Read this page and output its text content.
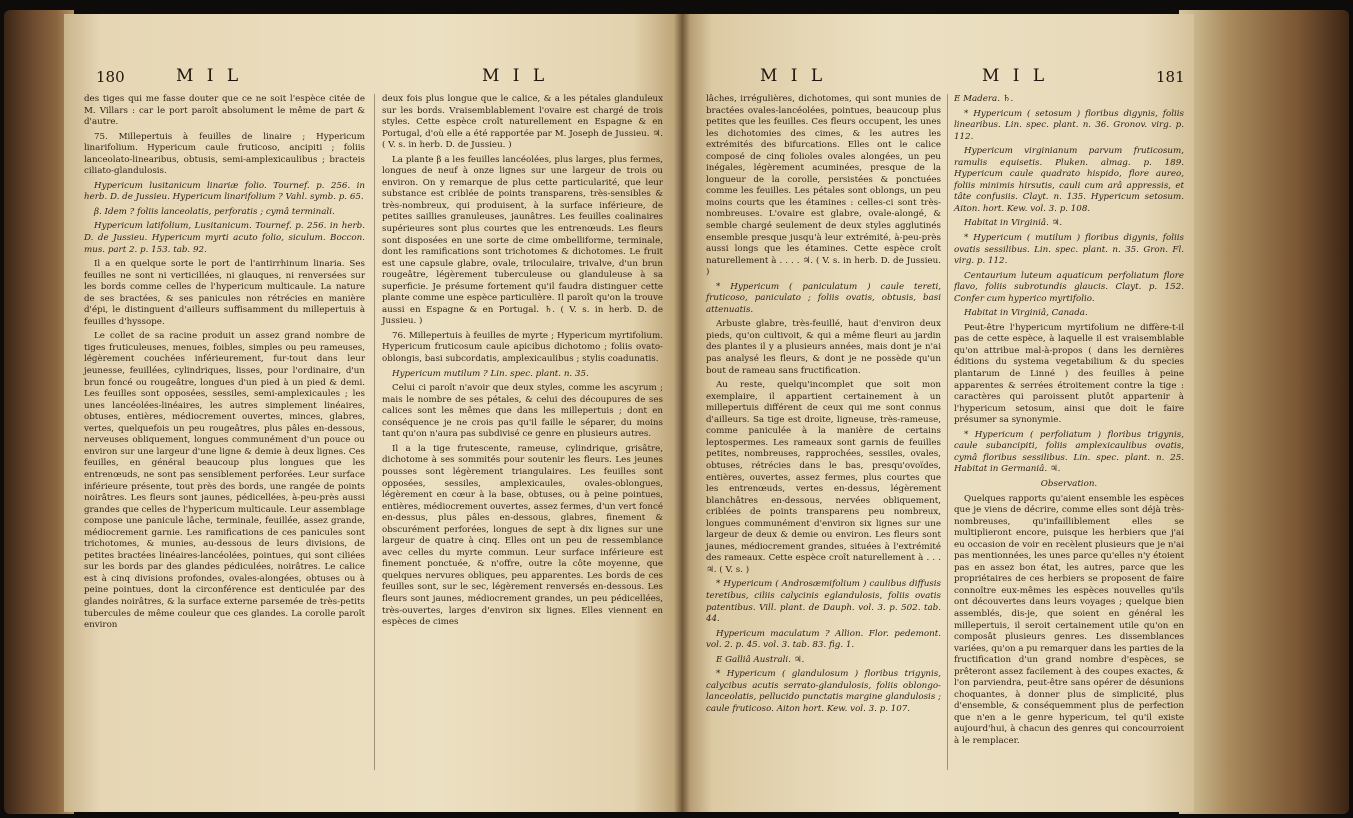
180	M I L	M I L

des tiges qui me fasse douter que ce ne soit l'espèce citée de M. Villars : car le port paroît absolument le même de part & d'autre.

75. Millepertuis à feuilles de linaire ; Hypericum linarifolium. Hypericum caule fruticoso, ancipiti ; foliis lanceolato-linearibus, obtusis, semi-amplexicaulibus ; bracteis ciliato-glandulosis.

Hypericum lusitanicum linariæ folio. Tournef. p. 256. in herb. D. de Jussieu. Hypericum linarifolium ? Vahl. symb. p. 65.

β. Idem ? foliis lanceolatis, perforatis ; cymâ terminali.

Hypericum latifolium, Lusitanicum. Tournef. p. 256. in herb. D. de Jussieu. Hypericum myrti acuto folio, siculum. Boccon. mus. part 2. p. 153. tab. 92.

Il a en quelque sorte le port de l'antirrhinum linaria. Ses feuilles ne sont ni verticillées, ni glauques, ni renversées sur les bords comme celles de l'hypericum multicaule. La nature de ses bractées, & ses panicules non rétrécies en manière d'épi, le distinguent d'ailleurs suffisamment du millepertuis à feuilles d'hyssope.

Le collet de sa racine produit un assez grand nombre de tiges fruticuleuses, menues, foibles, simples ou peu rameuses, légèrement couchées inférieurement, fur-tout dans leur jeunesse, feuillées, cylindriques, lisses, pour l'ordinaire, d'un brun foncé ou rougeâtre, longues d'un pied à un pied & demi. Les feuilles sont opposées, sessiles, semi-amplexicaules ; les unes lancéolées-linéaires, les autres simplement linéaires, obtuses, entières, médiocrement ouvertes, minces, glabres, vertes, quelquefois un peu rougeâtres, plus pâles en-dessous, nerveuses obliquement, longues communément d'un pouce ou environ sur une largeur d'une ligne & demie à deux lignes. Ces feuilles, en général beaucoup plus longues que les entrenœuds, ne sont pas sensiblement perforées. Leur surface inférieure présente, tout près des bords, une rangée de points noirâtres. Les fleurs sont jaunes, pédicellées, à-peu-près aussi grandes que celles de l'hypericum multicaule. Leur assemblage compose une panicule lâche, terminale, feuillée, assez grande, médiocrement garnie. Les ramifications de ces panicules sont trichotomes, & munies, au-dessous de leurs divisions, de petites bractées linéaires-lancéolées, pointues, qui sont ciliées sur les bords par des glandes pédiculées, noirâtres. Le calice est à cinq divisions profondes, ovales-alongées, obtuses ou à peine pointues, dont la circonférence est denticulée par des glandes noirâtres, & la surface externe parsemée de très-petits tubercules de même couleur que ces glandes. La corolle paroît environ

deux fois plus longue que le calice, & a les pétales glanduleux sur les bords. Vraisemblablement l'ovaire est chargé de trois styles. Cette espèce croît naturellement en Espagne & en Portugal, d'où elle a été rapportée par M. Joseph de Jussieu. ♃. ( V. s. in herb. D. de Jussieu. )

La plante β a les feuilles lancéolées, plus larges, plus fermes, longues de neuf à onze lignes sur une largeur de trois ou environ. On y remarque de plus cette particularité, que leur substance est criblée de points transparens, très-sensibles & très-nombreux, qui produisent, à la surface inférieure, de petites saillies granuleuses, jaunâtres. Les feuilles coalinaires supérieures sont plus courtes que les entrenœuds. Les fleurs sont disposées en une sorte de cime ombelliforme, terminale, dont les ramifications sont trichotomes & dichotomes. Le fruit est une capsule glabre, ovale, triloculaire, trivalve, d'un brun rougeâtre, légèrement tuberculeuse ou glanduleuse à sa superficie. Je présume fortement qu'il faudra distinguer cette plante comme une espèce particulière. Il paroît qu'on la trouve aussi en Espagne & en Portugal. ♄. ( V. s. in herb. D. de Jussieu. )

76. Millepertuis à feuilles de myrte ; Hypericum myrtifolium. Hypericum fruticosum caule apicibus dichotomo ; foliis ovato-oblongis, basi subcordatis, amplexicaulibus ; stylis coadunatis.

Hypericum mutilum ? Lin. spec. plant. n. 35.

Celui ci paroît n'avoir que deux styles, comme les ascyrum ; mais le nombre de ses pétales, & celui des découpures de ses calices sont les mêmes que dans les millepertuis ; dont en conséquence je ne crois pas qu'il faille le séparer, du moins tant qu'on n'aura pas subdivisé ce genre en plusieurs autres.

Il a la tige frutescente, rameuse, cylindrique, grisâtre, dichotome à ses sommités pour soutenir les fleurs. Les jeunes pousses sont légèrement triangulaires. Les feuilles sont opposées, sessiles, amplexicaules, ovales-oblongues, légèrement en cœur à la base, obtuses, ou à peine pointues, entières, médiocrement ouvertes, assez fermes, d'un vert foncé en-dessus, plus pâles en-dessous, glabres, finement & obscurément perforées, longues de sept à dix lignes sur une largeur de quatre à cinq. Elles ont un peu de ressemblance avec celles du myrte commun. Leur surface inférieure est finement ponctuée, & n'offre, outre la côte moyenne, que quelques nervures obliques, peu apparentes. Les bords de ces feuilles sont, sur le sec, légèrement renversés en-dessous. Les fleurs sont jaunes, médiocrement grandes, un peu pédicellées, très-ouvertes, larges d'environ six lignes. Elles viennent en espèces de cimes

M I L	M I L	181

lâches, irrégulières, dichotomes, qui sont munies de bractées ovales-lancéolées, pointues, beaucoup plus petites que les feuilles. Ces fleurs occupent, les unes les dichotomies des cimes, & les autres les extrémités des bifurcations. Elles ont le calice composé de cinq folioles ovales alongées, un peu inégales, légèrement acuminées, presque de la longueur de la corolle, persistées & ponctuées comme les feuilles. Les pétales sont oblongs, un peu moins courts que les étamines : celles-ci sont très-nombreuses. L'ovaire est glabre, ovale-alongé, & semble chargé seulement de deux styles agglutinés ensemble presque jusqu'à leur extrémité, à-peu-près aussi longs que les étamines. Cette espèce croît naturellement à . . . . ♃. ( V. s. in herb. D. de Jussieu. )

* Hypericum ( paniculatum ) caule tereti, fruticoso, paniculato ; foliis ovatis, obtusis, basi attenuatis.

Arbuste glabre, très-feuillé, haut d'environ deux pieds, qu'on cultivoit, & qui a même fleuri au jardin des plantes il y a plusieurs années, mais dont je n'ai pas analysé les fleurs, & dont je ne possède qu'un bout de rameau sans fructification.

Au reste, quelqu'incomplet que soit mon exemplaire, il appartient certainement à un millepertuis différent de ceux qui me sont connus d'ailleurs. Sa tige est droite, ligneuse, très-rameuse, comme paniculée à la manière de certains leptospermes. Les rameaux sont garnis de feuilles petites, nombreuses, rapprochées, sessiles, ovales, obtuses, rétrécies dans le bas, presqu'ovoïdes, entières, ouvertes, assez fermes, plus courtes que les entrenœuds, vertes en-dessus, légèrement blanchâtres en-dessous, nervées obliquement, criblées de points transparens peu nombreux, longues communément d'environ six lignes sur une largeur de deux & demie ou environ. Les fleurs sont jaunes, médiocrement grandes, situées à l'extrémité des rameaux. Cette espèce croît naturellement à . . . ♃. ( V. s. )

* Hypericum ( Androsæmifolium ) caulibus diffusis teretibus, ciliis calycinis eglandulosis, foliis ovatis patentibus. Vill. plant. de Dauph. vol. 3. p. 502. tab. 44.

Hypericum maculatum ? Allion. Flor. pedemont. vol. 2. p. 45. vol. 3. tab. 83. fig. 1.

E Galliâ Australi. ♃.

* Hypericum ( glandulosum ) floribus trigynis, calycibus acutis serrato-glandulosis, foliis oblongo-lanceolatis, pellucido punctatis margine glandulosis ; caule fruticoso. Aiton hort. Kew. vol. 3. p. 107.

E Madera. ♄.

* Hypericum ( setosum ) floribus digynis, foliis linearibus. Lin. spec. plant. n. 36. Gronov. virg. p. 112.

Hypericum virginianum parvum fruticosum, ramulis equisetis. Pluken. almag. p. 189. Hypericum caule quadrato hispido, flore aureo, foliis minimis hirsutis, cauli cum arâ appressis, et tâte confusiis. Clayt. n. 135. Hypericum setosum. Aiton. hort. Kew. vol. 3. p. 108.

Habitat in Virginiâ. ♃.

* Hypericum ( mutilum ) floribus digynis, foliis ovatis sessilibus. Lin. spec. plant. n. 35. Gron. Fl. virg. p. 112.

Centaurium luteum aquaticum perfoliatum flore flavo, foliis subrotundis glaucis. Clayt. p. 152. Confer cum hyperico myrtifolio.

Habitat in Virginiâ, Canada.

Peut-être l'hypericum myrtifolium ne diffère-t-il pas de cette espèce, à laquelle il est vraisemblable qu'on attribue mal-à-propos ( dans les dernières éditions du systema vegetabilium & du species plantarum de Linné ) des feuilles à peine apparentes & serrées étroitement contre la tige : caractères qui paroissent plutôt appartenir à l'hypericum setosum, ainsi que doit le faire présumer sa synonymie.

* Hypericum ( perfoliatum ) floribus trigynis, caule subancipiti, foliis amplexicaulibus ovatis, cymâ floribus sessilibus. Lin. spec. plant. n. 25. Habitat in Germaniâ. ♃.

Observation.

Quelques rapports qu'aient ensemble les espèces que je viens de décrire, comme elles sont déjà très-nombreuses, qu'infailliblement elles se multiplieront encore, puisque les herbiers que j'ai eu occasion de voir en recèlent plusieurs que je n'ai pas mentionnées, les unes parce qu'elles n'y étoient pas en assez bon état, les autres, parce que les propriétaires de ces herbiers se proposent de faire connoître eux-mêmes les espèces nouvelles qu'ils ont découvertes dans leurs voyages ; quelque bien assemblés, dis-je, que soient en général les millepertuis, il seroit certainement utile qu'on en composât plusieurs genres. Les dissemblances variées, qu'on a pu remarquer dans les parties de la fructification d'un grand nombre d'espèces, se prêteront assez facilement à des coupes exactes, & l'on parviendra, peut-être sans opérer de désunions choquantes, à donner plus de simplicité, plus d'ensemble, & conséquemment plus de perfection que n'en a le genre hypericum, tel qu'il existe aujourd'hui, à chacun des genres qui concourroient à le remplacer.
